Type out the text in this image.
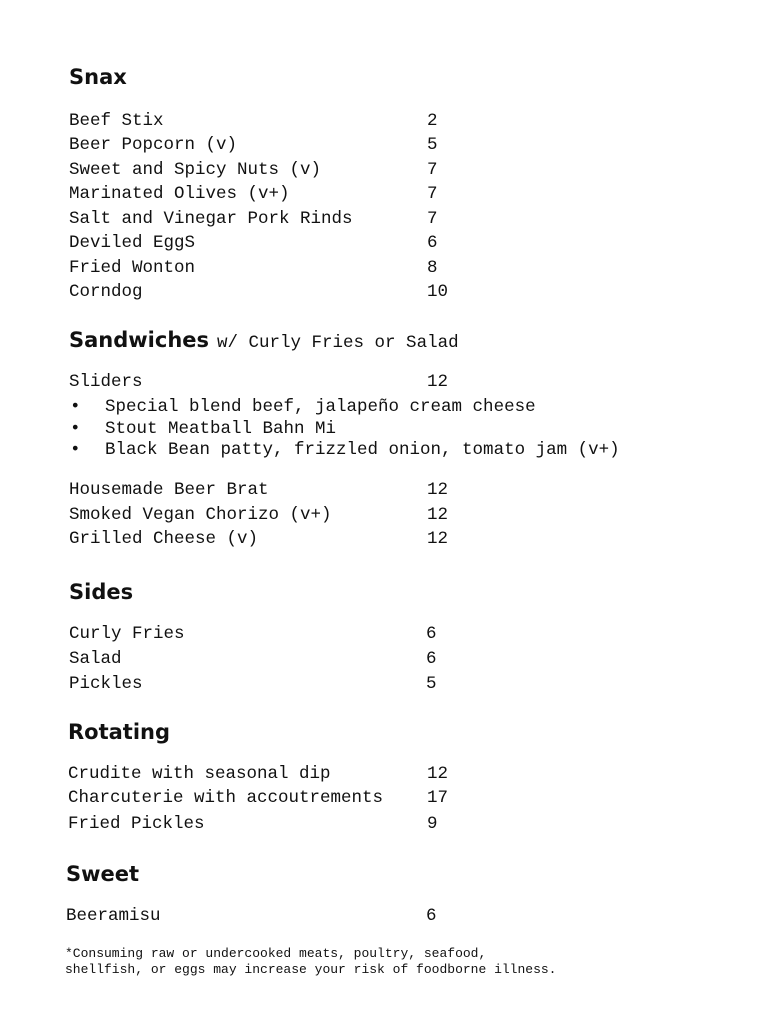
Snax
Beef Stix	2
Beer Popcorn (v)	5
Sweet and Spicy Nuts (v)	7
Marinated Olives (v+)	7
Salt and Vinegar Pork Rinds	7
Deviled EggS	6
Fried Wonton	8
Corndog	10
Sandwiches w/ Curly Fries or Salad
Sliders	12
• Special blend beef, jalapeño cream cheese
• Stout Meatball Bahn Mi
• Black Bean patty, frizzled onion, tomato jam (v+)
Housemade Beer Brat	12
Smoked Vegan Chorizo (v+)	12
Grilled Cheese (v)	12
Sides
Curly Fries	6
Salad	6
Pickles	5
Rotating
Crudite with seasonal dip	12
Charcuterie with accoutrements	17
Fried Pickles	9
Sweet
Beeramisu	6

*Consuming raw or undercooked meats, poultry, seafood,
shellfish, or eggs may increase your risk of foodborne illness.
